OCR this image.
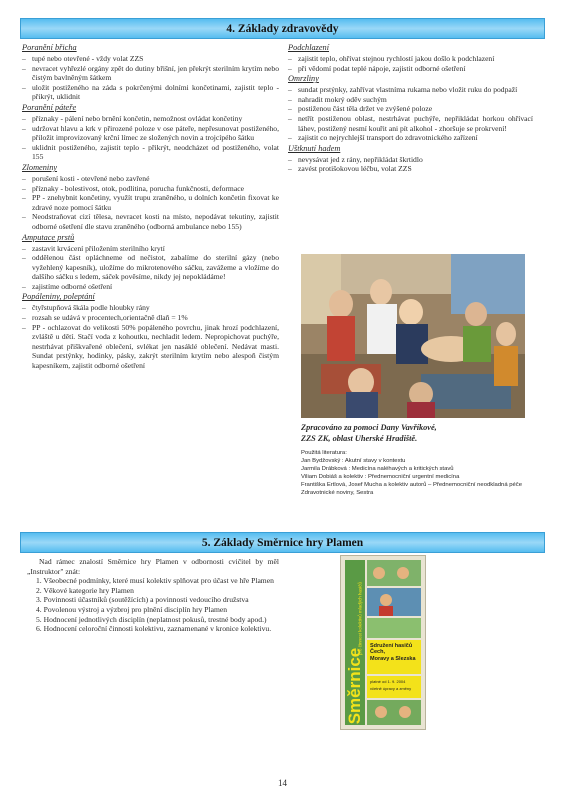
4. Základy zdravovědy
Poranění břicha
– tupé nebo otevřené - vždy volat ZZS
– nevracet vyhřezlé orgány zpět do dutiny břišní, jen překrýt sterilním krytím nebo čistým bavlněným šátkem
– uložit postiženého na záda s pokrčenými dolními končetinami, zajistit teplo - přikrýt, uklidnit
Poranění páteře
– příznaky - pálení nebo brnění končetin, nemožnost ovládat končetiny
– udržovat hlavu a krk v přirozené poloze v ose páteře, nepřesunovat postiženého, přiložit improvizovaný krční límec ze složených novin a trojcípého šátku
– uklidnit postiženého, zajistit teplo - přikrýt, neodcházet od postiženého, volat 155
Zlomeniny
– porušení kosti - otevřené nebo zavřené
– příznaky - bolestivost, otok, podlitina, porucha funkčnosti, deformace
– PP - znehybnit končetiny, využít trupu zraněného, u dolních končetin fixovat ke zdravé noze pomocí šátku
– Neodstraňovat cizí tělesa, nevracet kosti na místo, nepodávat tekutiny, zajistit odborné ošetření dle stavu zraněného (odborná ambulance nebo 155)
Amputace prstů
– zastavit krvácení přiložením sterilního krytí
– oddělenou část opláchneme od nečistot, zabalíme do sterilní gázy (nebo vyžehlený kapesník), uložíme do mikrotenového sáčku, zavážeme a vložíme do dalšího sáčku s ledem, sáček pověsíme, nikdy jej nepokládáme!
– zajistíme odborné ošetření
Popáleniny, poleptání
– čtyřstupňová škála podle hloubky rány
– rozsah se udává v procentech,orientačně dlaň = 1%
– PP - ochlazovat do velikosti 50% popáleného povrchu, jinak hrozí podchlazení, zvláště u dětí. Stačí voda z kohoutku, nechladit ledem. Nepropichovat puchýře, nestrhávat přiškvařené oblečení, svlékat jen nasáklé oblečení. Nedávat masti. Sundat prstýnky, hodinky, pásky, zakrýt sterilním krytím nebo alespoň čistým kapesníkem, zajistit odborné ošetření
Podchlazení
– zajistit teplo, ohřívat stejnou rychlostí jakou došlo k podchlazení
– při vědomí podat teplé nápoje, zajistit odborné ošetření
Omrzliny
– sundat prstýnky, zahřívat vlastníma rukama nebo vložit ruku do podpaží
– nahradit mokrý oděv suchým
– postiženou část těla držet ve zvýšené poloze
– netřít postiženou oblast, nestrhávat puchýře, nepřikládat horkou ohřívací láhev, postižený nesmí kouřit ani pít alkohol - zhoršuje se prokrvení!
– zajistit co nejrychlejší transport do zdravotnického zařízení
Uštknutí hadem
– nevysávat jed z rány, nepřikládat škrtidlo
– zavést protišokovou léčbu, volat ZZS
Zpracováno za pomoci Dany Vavříkové,
ZZS ZK, oblast Uherské Hradiště.
Použitá literatura:
Jan Bydžovský : Akutní stavy v kontextu
Jarmila Drábková : Medicína naléhavých a kritických stavů
Viliam Dobiáš a kolektiv : Přednemocniční urgentní medicína
Františka Ertlová, Josef Mucha a kolektiv autorů – Přednemocniční neodkladná péče
Zdravotnické noviny, Sestra
5. Základy Směrnice hry Plamen
Nad rámec znalostí Směrnice hry Plamen v odbornosti cvičitel by měl „Instruktor" znát:
1. Všeobecné podmínky, které musí kolektiv splňovat pro účast ve hře Plamen
2. Věkové kategorie hry Plamen
3. Povinnosti účastníků (soutěžících) a povinnosti vedoucího družstva
4. Povolenou výstroj a výzbroj pro plnění disciplín hry Plamen
5. Hodnocení jednotlivých disciplín (neplatnost pokusů, trestné body apod.)
6. Hodnocení celoroční činnosti kolektivu, zaznamenané v kronice kolektivu.
Směrnice
pro činnost kolektivů mladých hasičů Sdružení hasičů Čech,
Moravy a Slezska
platné od 1. 9. 2004
včetně úpravy a změny
14
